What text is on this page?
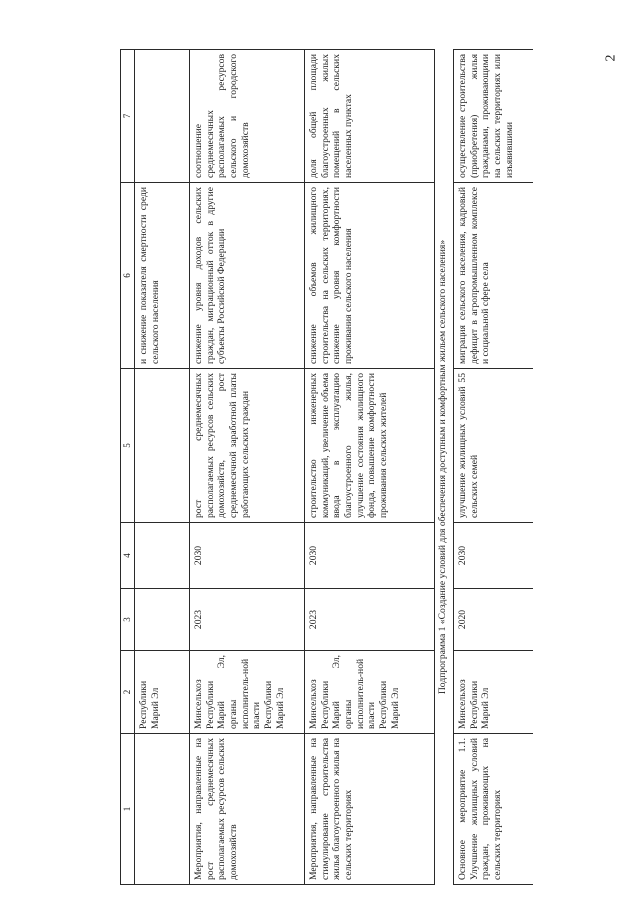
2
1	2	3	4	5	6	7
	Республики Марий Эл				и снижение показателя смертности среди сельского населения	
Мероприятия, направленные на рост среднемесячных располагаемых ресурсов сельских домохозяйств	Минсельхоз Республики Марий Эл, органы исполнитель-ной власти Республики Марий Эл	2023	2030	рост среднемесячных располагаемых ресурсов сельских домохозяйств, рост среднемесячной заработной платы работающих сельских граждан	снижение уровня доходов сельских граждан, миграционный отток в другие субъекты Российской Федерации	соотношение среднемесячных располагаемых ресурсов сельского и городского домохозяйств
Мероприятия, направленные на стимулирование строительства жилья благоустроенного жилья на сельских территориях	Минсельхоз Республики Марий Эл, органы исполнитель-ной власти Республики Марий Эл	2023	2030	строительство инженерных коммуникаций, увеличение объема ввода в эксплуатацию благоустроенного жилья, улучшение состояния жилищного фонда, повышение комфортности проживания сельских жителей	снижение объемов жилищного строительства на сельских территориях, снижение уровня комфортности проживания сельского населения	доля общей площади благоустроенных жилых помещений в сельских населенных пунктах
Подпрограмма 1 «Создание условий для обеспечения доступным и комфортным жильем сельского населения»						
Основное мероприятие 1.1. Улучшение жилищных условий граждан, проживающих на сельских территориях	Минсельхоз Республики Марий Эл	2020	2030	улучшение жилищных условий 55 сельских семей	миграция сельского населения, кадровый дефицит в агропромышленном комплексе и социальной сфере села	осуществление строительства (приобретения) жилья гражданами, проживающими на сельских территориях или изъявившими
